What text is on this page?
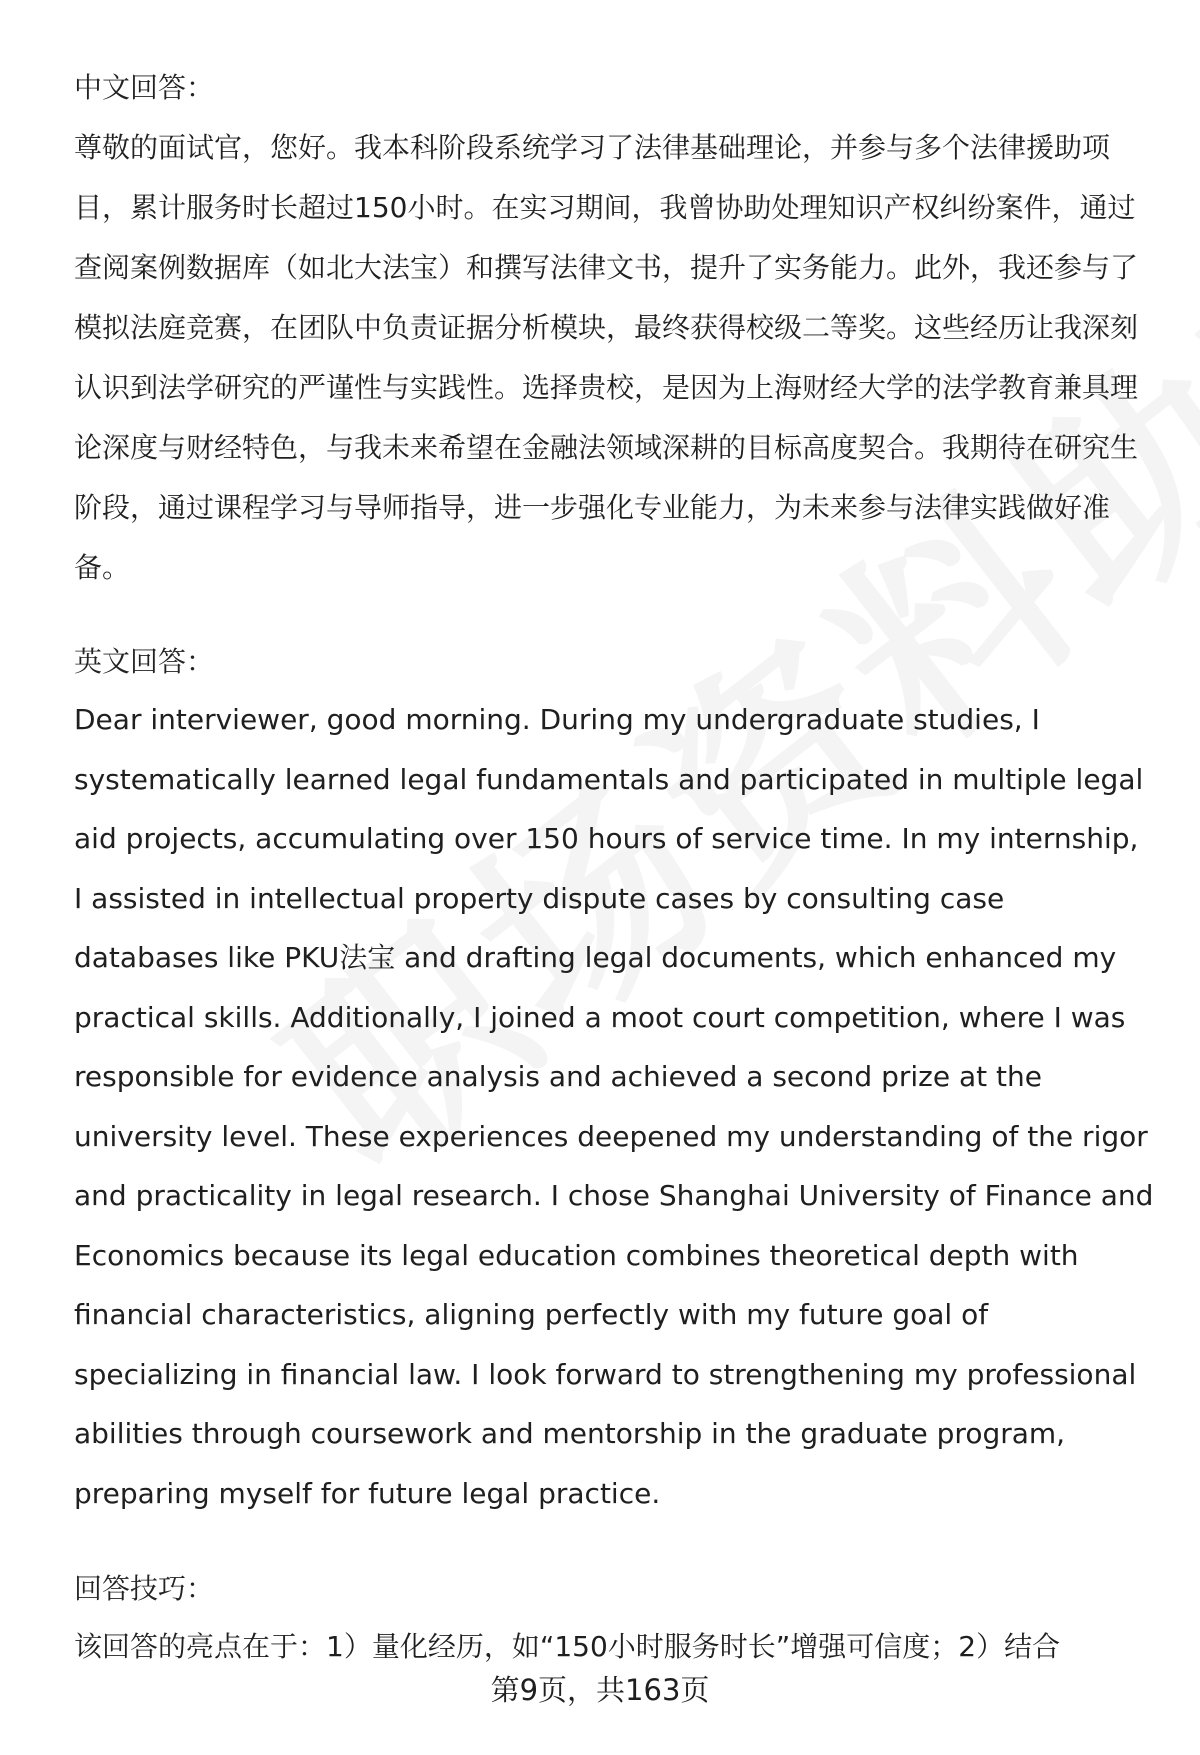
中文回答：

尊敬的面试官，您好。我本科阶段系统学习了法律基础理论，并参与多个法律援助项目，累计服务时长超过150小时。在实习期间，我曾协助处理知识产权纠纷案件，通过查阅案例数据库（如北大法宝）和撰写法律文书，提升了实务能力。此外，我还参与了模拟法庭竞赛，在团队中负责证据分析模块，最终获得校级二等奖。这些经历让我深刻认识到法学研究的严谨性与实践性。选择贵校，是因为上海财经大学的法学教育兼具理论深度与财经特色，与我未来希望在金融法领域深耕的目标高度契合。我期待在研究生阶段，通过课程学习与导师指导，进一步强化专业能力，为未来参与法律实践做好准备。

英文回答：

Dear interviewer, good morning. During my undergraduate studies, I systematically learned legal fundamentals and participated in multiple legal aid projects, accumulating over 150 hours of service time. In my internship, I assisted in intellectual property dispute cases by consulting case databases like PKU法宝 and drafting legal documents, which enhanced my practical skills. Additionally, I joined a moot court competition, where I was responsible for evidence analysis and achieved a second prize at the university level. These experiences deepened my understanding of the rigor and practicality in legal research. I chose Shanghai University of Finance and Economics because its legal education combines theoretical depth with financial characteristics, aligning perfectly with my future goal of specializing in financial law. I look forward to strengthening my professional abilities through coursework and mentorship in the graduate program, preparing myself for future legal practice.

回答技巧：

该回答的亮点在于：1）量化经历，如“150小时服务时长”增强可信度；2）结合

第9页，共163页
